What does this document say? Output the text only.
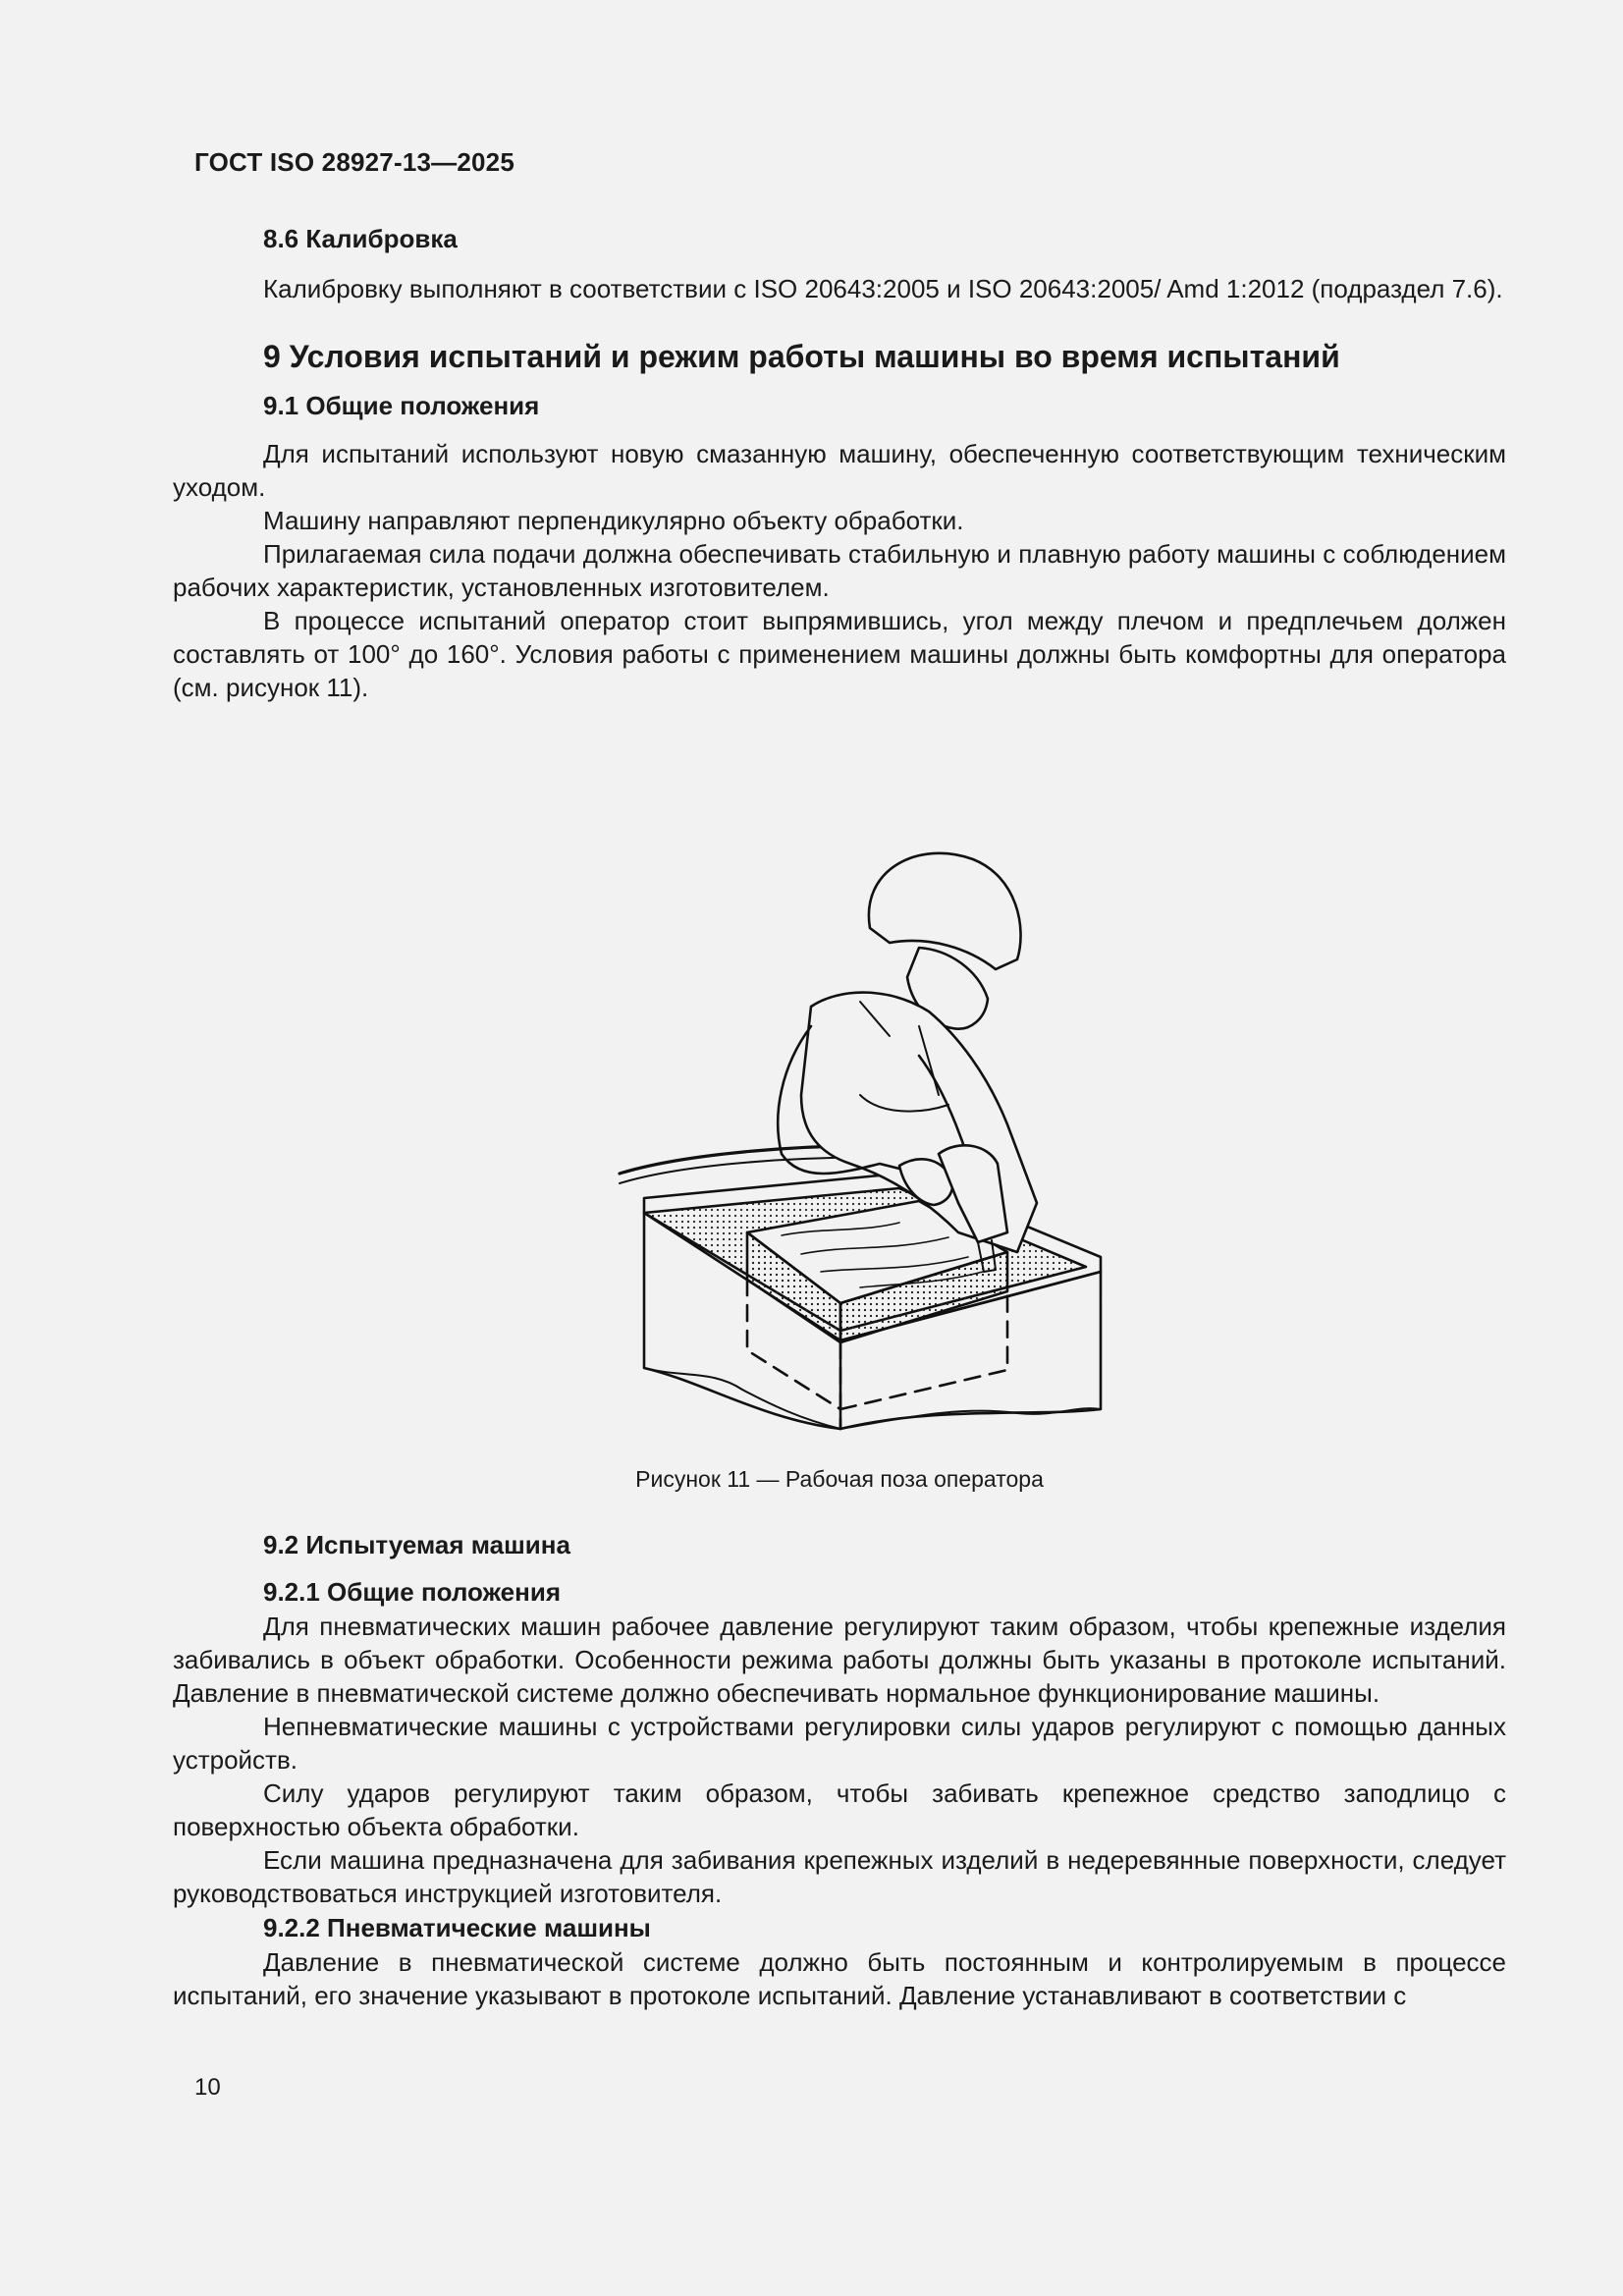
ГОСТ ISO 28927-13—2025
8.6 Калибровка

Калибровку выполняют в соответствии с ISO 20643:2005 и ISO 20643:2005/ Amd 1:2012 (подраздел 7.6).

9 Условия испытаний и режим работы машины во время испытаний
9.1 Общие положения

Для испытаний используют новую смазанную машину, обеспеченную соответствующим техническим уходом.

Машину направляют перпендикулярно объекту обработки.

Прилагаемая сила подачи должна обеспечивать стабильную и плавную работу машины с соблюдением рабочих характеристик, установленных изготовителем.

В процессе испытаний оператор стоит выпрямившись, угол между плечом и предплечьем должен составлять от 100° до 160°. Условия работы с применением машины должны быть комфортны для оператора (см. рисунок 11).

Рисунок 11 — Рабочая поза оператора

9.2 Испытуемая машина
9.2.1 Общие положения

Для пневматических машин рабочее давление регулируют таким образом, чтобы крепежные изделия забивались в объект обработки. Особенности режима работы должны быть указаны в протоколе испытаний. Давление в пневматической системе должно обеспечивать нормальное функционирование машины.

Непневматические машины с устройствами регулировки силы ударов регулируют с помощью данных устройств.

Силу ударов регулируют таким образом, чтобы забивать крепежное средство заподлицо с поверхностью объекта обработки.

Если машина предназначена для забивания крепежных изделий в недеревянные поверхности, следует руководствоваться инструкцией изготовителя.

9.2.2 Пневматические машины

Давление в пневматической системе должно быть постоянным и контролируемым в процессе испытаний, его значение указывают в протоколе испытаний. Давление устанавливают в соответствии с

10
